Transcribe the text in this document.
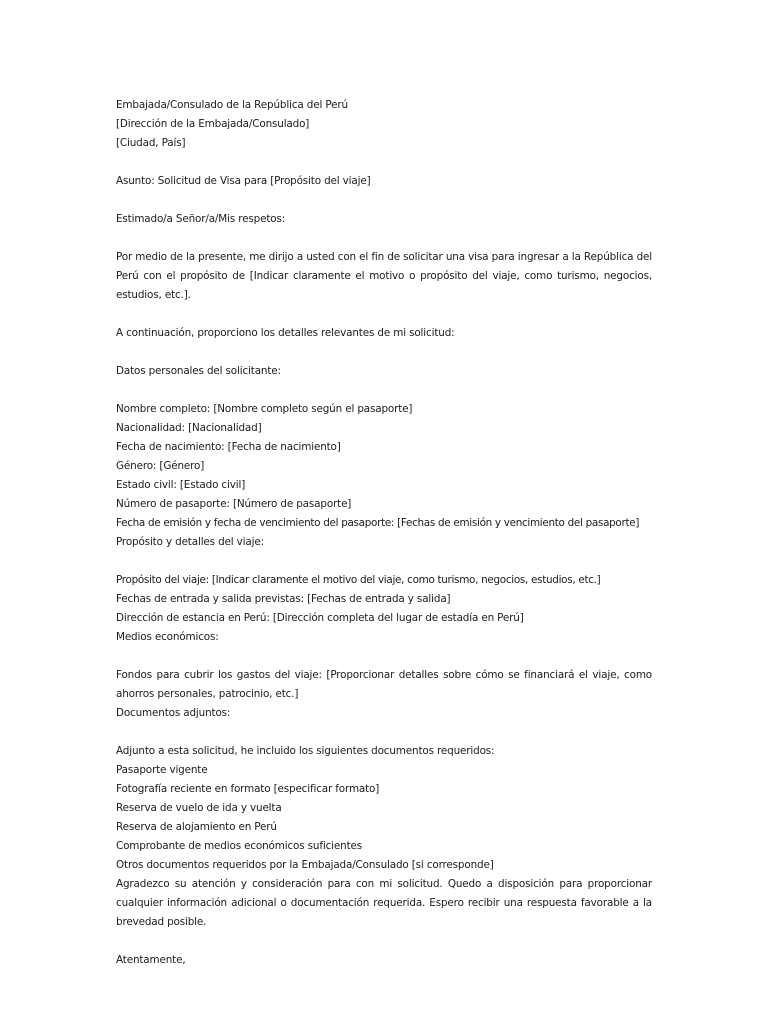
Embajada/Consulado de la República del Perú
[Dirección de la Embajada/Consulado]
[Ciudad, País]
Asunto: Solicitud de Visa para [Propósito del viaje]
Estimado/a Señor/a/Mis respetos:
Por medio de la presente, me dirijo a usted con el fin de solicitar una visa para ingresar a la República del Perú con el propósito de [Indicar claramente el motivo o propósito del viaje, como turismo, negocios, estudios, etc.].
A continuación, proporciono los detalles relevantes de mi solicitud:
Datos personales del solicitante:
Nombre completo: [Nombre completo según el pasaporte]
Nacionalidad: [Nacionalidad]
Fecha de nacimiento: [Fecha de nacimiento]
Género: [Género]
Estado civil: [Estado civil]
Número de pasaporte: [Número de pasaporte]
Fecha de emisión y fecha de vencimiento del pasaporte: [Fechas de emisión y vencimiento del pasaporte]
Propósito y detalles del viaje:
Propósito del viaje: [Indicar claramente el motivo del viaje, como turismo, negocios, estudios, etc.]
Fechas de entrada y salida previstas: [Fechas de entrada y salida]
Dirección de estancia en Perú: [Dirección completa del lugar de estadía en Perú]
Medios económicos:
Fondos para cubrir los gastos del viaje: [Proporcionar detalles sobre cómo se financiará el viaje, como ahorros personales, patrocinio, etc.]
Documentos adjuntos:
Adjunto a esta solicitud, he incluido los siguientes documentos requeridos:
Pasaporte vigente
Fotografía reciente en formato [especificar formato]
Reserva de vuelo de ida y vuelta
Reserva de alojamiento en Perú
Comprobante de medios económicos suficientes
Otros documentos requeridos por la Embajada/Consulado [si corresponde]
Agradezco su atención y consideración para con mi solicitud. Quedo a disposición para proporcionar cualquier información adicional o documentación requerida. Espero recibir una respuesta favorable a la brevedad posible.
Atentamente,
